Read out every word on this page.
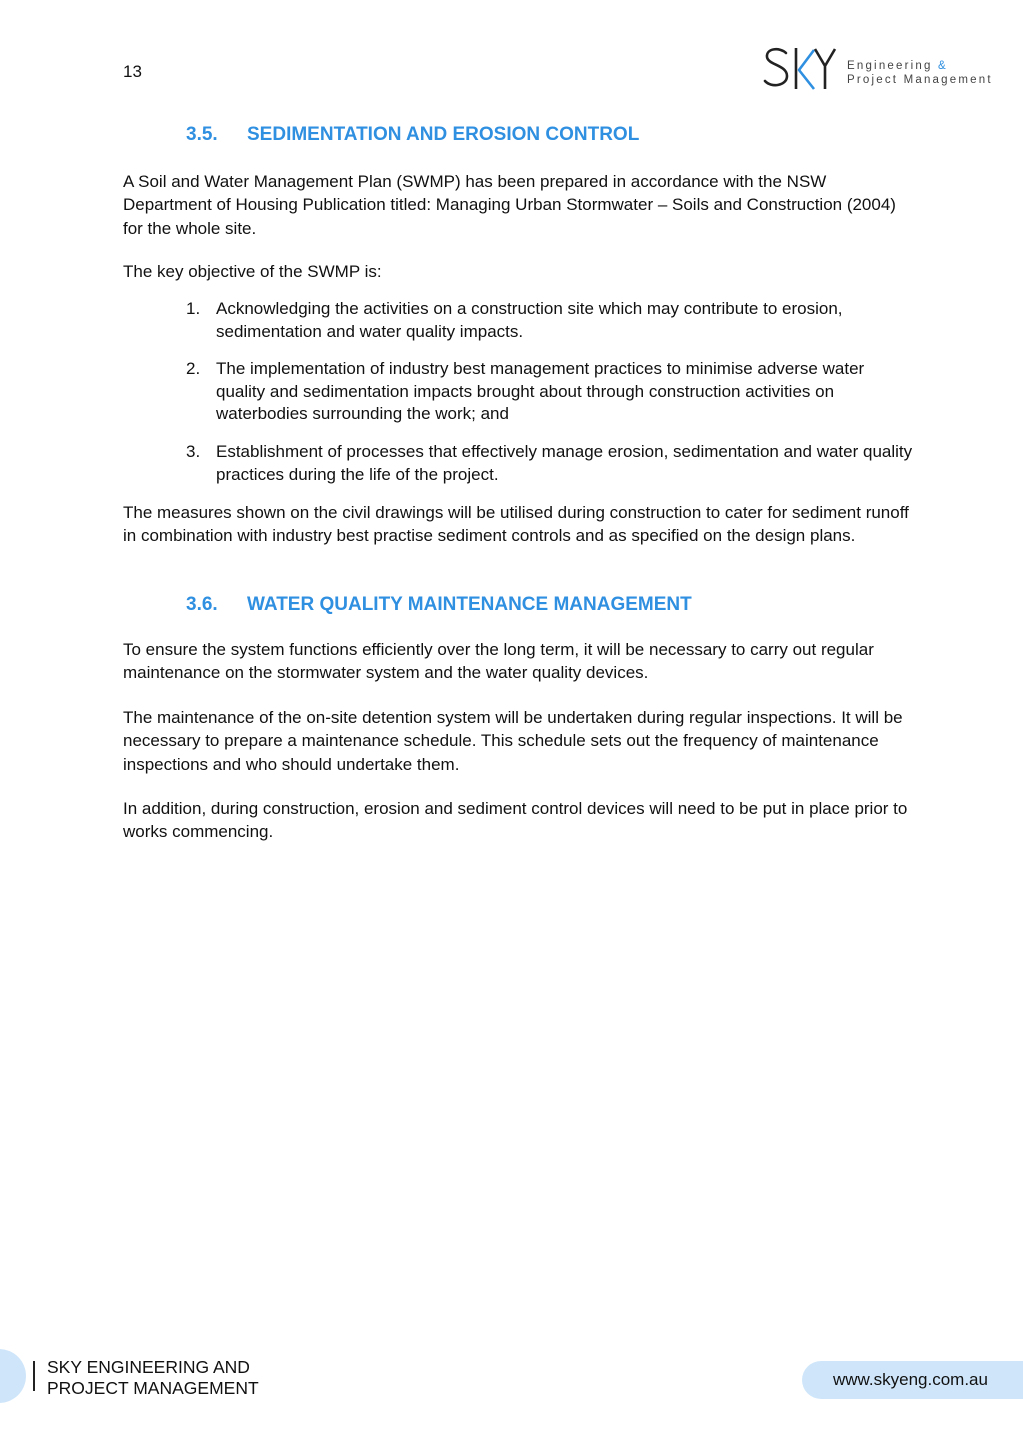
13	Engineering &
Project Management
3.5. SEDIMENTATION AND EROSION CONTROL

A Soil and Water Management Plan (SWMP) has been prepared in accordance with the NSW Department of Housing Publication titled: Managing Urban Stormwater – Soils and Construction (2004) for the whole site.

The key objective of the SWMP is:

1. Acknowledging the activities on a construction site which may contribute to erosion, sedimentation and water quality impacts.
2. The implementation of industry best management practices to minimise adverse water quality and sedimentation impacts brought about through construction activities on waterbodies surrounding the work; and
3. Establishment of processes that effectively manage erosion, sedimentation and water quality practices during the life of the project.

The measures shown on the civil drawings will be utilised during construction to cater for sediment runoff in combination with industry best practise sediment controls and as specified on the design plans.

3.6. WATER QUALITY MAINTENANCE MANAGEMENT

To ensure the system functions efficiently over the long term, it will be necessary to carry out regular maintenance on the stormwater system and the water quality devices.

The maintenance of the on-site detention system will be undertaken during regular inspections. It will be necessary to prepare a maintenance schedule. This schedule sets out the frequency of maintenance inspections and who should undertake them.

In addition, during construction, erosion and sediment control devices will need to be put in place prior to works commencing.

SKY ENGINEERING AND
PROJECT MANAGEMENT	www.skyeng.com.au
